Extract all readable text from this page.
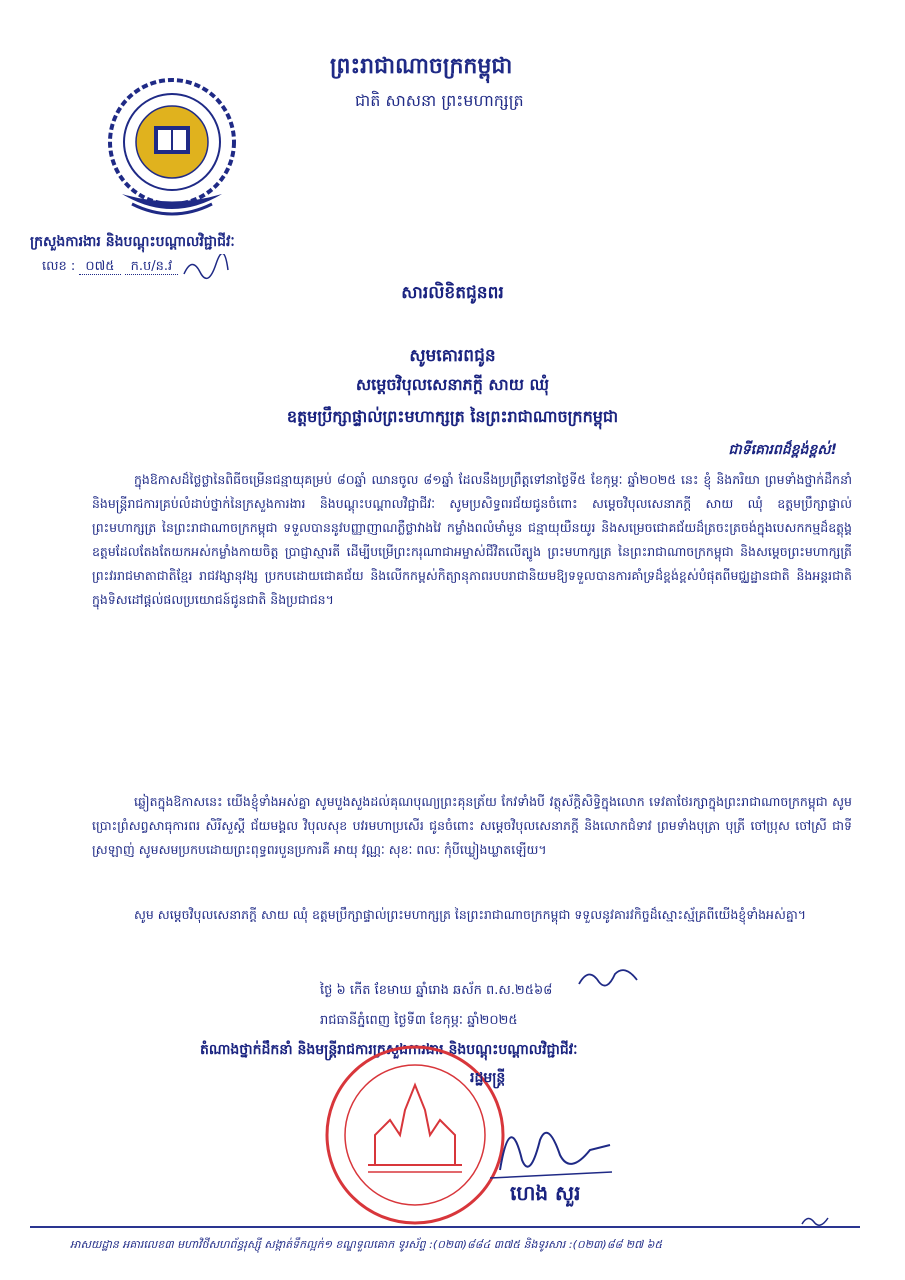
ព្រះរាជាណាចក្រកម្ពុជា
ជាតិ សាសនា ព្រះមហាក្សត្រ
ក្រសួងការងារ និងបណ្តុះបណ្តាលវិជ្ជាជីវៈ
លេខ : ០៧៥ ក.ប/ន.វ
សារលិខិតជូនពរ
សូមគោរពជូន
សម្តេចវិបុលសេនាភក្តី សាយ ឈុំ
ឧត្តមប្រឹក្សាផ្ទាល់ព្រះមហាក្សត្រ នៃព្រះរាជាណាចក្រកម្ពុជា
ជាទីគោរពដ៏ខ្ពង់ខ្ពស់!
ក្នុងឱកាសដ៏ថ្លៃថ្លានៃពិធីចម្រើនជន្មាយុគម្រប់ ៨០ឆ្នាំ ឈានចូល ៨១ឆ្នាំ ដែលនឹងប្រព្រឹត្តទៅនាថ្ងៃទី៥ ខែកុម្ភៈ ឆ្នាំ២០២៥ នេះ ខ្ញុំ និងភរិយា ព្រមទាំងថ្នាក់ដឹកនាំ និងមន្ត្រីរាជការគ្រប់លំដាប់ថ្នាក់នៃក្រសួងការងារ និងបណ្តុះបណ្តាលវិជ្ជាជីវៈ សូមប្រសិទ្ធពរជ័យជូនចំពោះ សម្តេចវិបុលសេនាភក្តី សាយ ឈុំ ឧត្តមប្រឹក្សាផ្ទាល់ព្រះមហាក្សត្រ នៃព្រះរាជាណាចក្រកម្ពុជា ទទួលបាននូវបញ្ញាញាណភ្លឺថ្លាវាងវៃ កម្លាំងពលំមាំមួន ជន្មាយុយឺនយូរ និងសម្រេចជោគជ័យដ៏ត្រចះត្រចង់ក្នុងបេសកកម្មដ៏ឧត្តុង្គឧត្តមដែលតែងតែយកអស់កម្លាំងកាយចិត្ត ប្រាជ្ញាស្មារតី ដើម្បីបម្រើព្រះករុណាជាអម្ចាស់ជីវិតលើត្បូង ព្រះមហាក្សត្រ នៃព្រះរាជាណាចក្រកម្ពុជា និងសម្តេចព្រះមហាក្សត្រី ព្រះវររាជមាតាជាតិខ្មែរ រាជវង្សានុវង្ស ប្រកបដោយជោគជ័យ និងលើកកម្ពស់កិត្យានុភាពរបបរាជានិយមឱ្យទទួលបានការគាំទ្រដ៏ខ្ពង់ខ្ពស់បំផុតពីមជ្ឈដ្ឋានជាតិ និងអន្តរជាតិ ក្នុងទិសដៅផ្តល់ផលប្រយោជន៍ជូនជាតិ និងប្រជាជន។
ឆ្លៀតក្នុងឱកាសនេះ យើងខ្ញុំទាំងអស់គ្នា សូមបួងសួងដល់គុណបុណ្យព្រះគុនត្រ័យ កែវទាំងបី វត្ថុស័ក្តិសិទ្ធិក្នុងលោក ទេវតាថែរក្សាក្នុងព្រះរាជាណាចក្រកម្ពុជា សូមប្រោះព្រំសព្វសាធុការពរ សិរីសួស្តី ជ័យមង្គល វិបុលសុខ បវរមហាប្រសើរ ជូនចំពោះ សម្តេចវិបុលសេនាភក្តី និងលោកជំទាវ ព្រមទាំងបុត្រា បុត្រី ចៅប្រុស ចៅស្រី ជាទីស្រឡាញ់ សូមសមប្រកបដោយព្រះពុទ្ធពរបួនប្រការគឺ អាយុ វណ្ណៈ សុខៈ ពលៈ កុំបីឃ្លៀងឃ្លាតឡើយ។
សូម សម្តេចវិបុលសេនាភក្តី សាយ ឈុំ ឧត្តមប្រឹក្សាផ្ទាល់ព្រះមហាក្សត្រ នៃព្រះរាជាណាចក្រកម្ពុជា ទទួលនូវគារវកិច្ចដ៏ស្មោះស្ម័គ្រពីយើងខ្ញុំទាំងអស់គ្នា។
ថ្ងៃ ៦ កើត ខែមាឃ ឆ្នាំរោង ឆស័ក ព.ស.២៥៦៨
រាជធានីភ្នំពេញ ថ្ងៃទី៣ ខែកុម្ភៈ ឆ្នាំ២០២៥
តំណាងថ្នាក់ដឹកនាំ និងមន្ត្រីរាជការក្រសួងការងារ និងបណ្តុះបណ្តាលវិជ្ជាជីវៈ
រដ្ឋមន្ត្រី
ហេង សួរ
អាសយដ្ឋាន អគារលេខ៣ មហាវិថីសហព័ន្ធរុស្ស៊ី សង្កាត់ទឹកល្អក់១ ខណ្ឌទួលគោក ទូរស័ព្ទ :(០២៣)៨៨៤ ៣៧៥ និងទូរសារ :(០២៣)៨៨ ២៧ ៦៥
